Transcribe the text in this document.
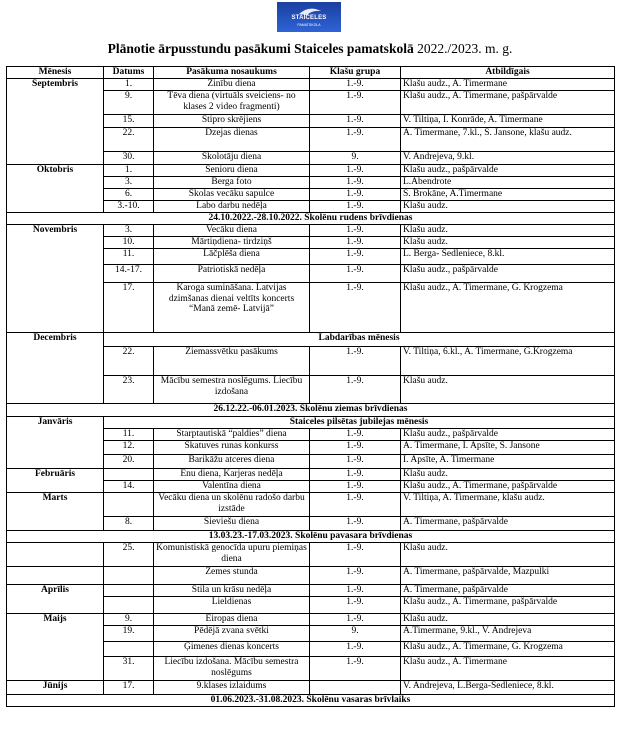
STAICELES
PAMATSKOLA
Plānotie ārpusstundu pasākumi Staiceles pamatskolā 2022./2023. m. g.
Mēnesis	Datums	Pasākuma nosaukums	Klašu grupa	Atbildīgais
Septembris	1.	Zinību diena	1.-9.	Klašu audz., A. Timermane
	9.	Tēva diena (virtuāls sveiciens- no klases 2 video fragmenti)	1.-9.	Klašu audz., A. Timermane, pašpārvalde
	15.	Stipro skrējiens	1.-9.	V. Tiltiņa, I. Konrāde, A. Timermane
	22.	Dzejas dienas	1.-9.	A. Timermane, 7.kl., S. Jansone, klašu audz.
	30.	Skolotāju diena	9.	V. Andrejeva, 9.kl.
Oktobris	1.	Senioru diena	1.-9.	Klašu audz., pašpārvalde
	3.	Berga foto	1.-9.	L.Abendrote
	6.	Skolas vecāku sapulce	1.-9.	S. Brokāne, A.Timermane
	3.-10.	Labo darbu nedēļa	1.-9.	Klašu audz.
24.10.2022.-28.10.2022. Skolēnu rudens brīvdienas				
Novembris	3.	Vecāku diena	1.-9.	Klašu audz.
	10.	Mārtiņdiena- tirdziņš	1.-9.	Klašu audz.
	11.	Lāčplēša diena	1.-9.	L. Berga- Sedleniece, 8.kl.
	14.-17.	Patriotiskā nedēļa	1.-9.	Klašu audz., pašpārvalde
	17.	Karoga sumināšana. Latvijas dzimšanas dienai veltīts koncerts “Manā zemē- Latvijā”	1.-9.	Klašu audz., A. Timermane, G. Krogzema
Decembris	Labdarības mēnesis			
	22.	Ziemassvētku pasākums	1.-9.	V. Tiltiņa, 6.kl., A. Timermane, G.Krogzema
	23.	Mācību semestra noslēgums. Liecību izdošana	1.-9.	Klašu audz.
26.12.22.-06.01.2023. Skolēnu ziemas brīvdienas				
Janvāris	Staiceles pilsētas jubilejas mēnesis			
	11.	Starptautiskā “paldies” diena	1.-9.	Klašu audz., pašpārvalde
	12.	Skatuves runas konkurss	1.-9.	A. Timermane, I. Apsīte, S. Jansone
	20.	Barikāžu atceres diena	1.-9.	I. Apsīte, A. Timermane
Februāris		Ēnu diena, Karjeras nedēļa	1.-9.	Klašu audz.
	14.	Valentīna diena	1.-9.	Klašu audz., A. Timermane, pašpārvalde
Marts		Vecāku diena un skolēnu radošo darbu izstāde	1.-9.	V. Tiltiņa, A. Timermane, klašu audz.
	8.	Sieviešu diena	1.-9.	A. Timermane, pašpārvalde
13.03.23.-17.03.2023. Skolēnu pavasara brīvdienas				
	25.	Komunistiskā genocīda upuru piemiņas diena	1.-9.	Klašu audz.
		Zemes stunda	1.-9.	A. Timermane, pašpārvalde, Mazpulki
Aprīlis		Stila un krāsu nedēļa	1.-9.	A. Timermane, pašpārvalde
		Lieldienas	1.-9.	Klašu audz., A. Timermane, pašpārvalde
Maijs	9.	Eiropas diena	1.-9.	Klašu audz.
	19.	Pēdējā zvana svētki	9.	A.Timermane, 9.kl., V. Andrejeva
		Ģimenes dienas koncerts	1.-9.	Klašu audz., A. Timermane, G. Krogzema
	31.	Liecību izdošana. Mācību semestra noslēgums	1.-9.	Klašu audz., A. Timermane
Jūnijs	17.	9.klases izlaidums		V. Andrejeva, L.Berga-Sedleniece, 8.kl.
01.06.2023.-31.08.2023. Skolēnu vasaras brīvlaiks				
